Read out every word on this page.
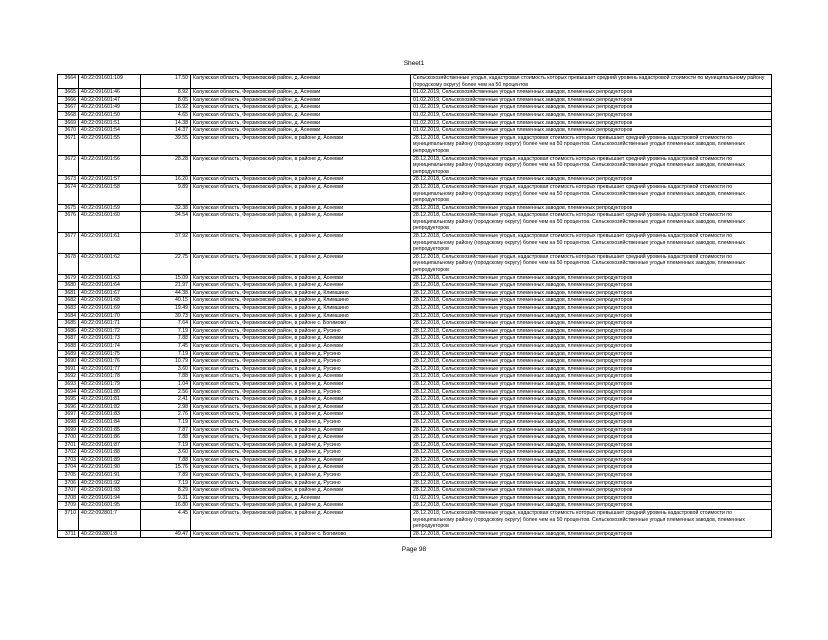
Sheet1
3664	40:22:091601:109	17.50	Калужская область, Ферзиковский район, д. Асеевки	Сельскохозяйственные угодья, кадастровая стоимость которых превышает средний уровень кадастровой стоимости по муниципальному району (городскому округу) более чем на 50 процентов
3665	40:22:091601:46	8.92	Калужская область, Ферзиковский район, д. Асеевки	01.02.2019, Сельскохозяйственные угодья племенных заводов, племенных репродукторов
3666	40:22:091601:47	8.05	Калужская область, Ферзиковский район, д. Асеевки	01.02.2019, Сельскохозяйственные угодья племенных заводов, племенных репродукторов
3667	40:22:091601:49	16.92	Калужская область, Ферзиковский район, д. Асеевки	01.02.2019, Сельскохозяйственные угодья племенных заводов, племенных репродукторов
3668	40:22:091601:50	4.65	Калужская область, Ферзиковский район, д. Асеевки	01.02.2019, Сельскохозяйственные угодья племенных заводов, племенных репродукторов
3669	40:22:091601:51	14.38	Калужская область, Ферзиковский район, д. Асеевки	01.02.2019, Сельскохозяйственные угодья племенных заводов, племенных репродукторов
3670	40:22:091601:54	14.37	Калужская область, Ферзиковский район, д. Асеевки	01.02.2019, Сельскохозяйственные угодья племенных заводов, племенных репродукторов
3671	40:22:091601:55	39.55	Калужская область, Ферзиковский район, в районе д. Асеевки	28.12.2018, Сельскохозяйственные угодья, кадастровая стоимость которых превышает средний уровень кадастровой стоимости по муниципальному району (городскому округу) более чем на 50 процентов. Сельскохозяйственные угодья племенных заводов, племенных репродукторов
3672	40:22:091601:56	28.28	Калужская область, Ферзиковский район, в районе д. Асеевки	28.12.2018, Сельскохозяйственные угодья, кадастровая стоимость которых превышает средний уровень кадастровой стоимости по муниципальному району (городскому округу) более чем на 50 процентов. Сельскохозяйственные угодья племенных заводов, племенных репродукторов
3673	40:22:091601:57	16.20	Калужская область, Ферзиковский район, в районе д. Асеевки	28.12.2018, Сельскохозяйственные угодья племенных заводов, племенных репродукторов
3674	40:22:091601:58	9.89	Калужская область, Ферзиковский район, в районе д. Асеевки	28.12.2018, Сельскохозяйственные угодья, кадастровая стоимость которых превышает средний уровень кадастровой стоимости по муниципальному району (городскому округу) более чем на 50 процентов. Сельскохозяйственные угодья племенных заводов, племенных репродукторов
3675	40:22:091601:59	32.38	Калужская область, Ферзиковский район, в районе д. Асеевки	28.12.2018, Сельскохозяйственные угодья племенных заводов, племенных репродукторов
3676	40:22:091601:60	34.54	Калужская область, Ферзиковский район, в районе д. Асеевки	28.12.2018, Сельскохозяйственные угодья, кадастровая стоимость которых превышает средний уровень кадастровой стоимости по муниципальному району (городскому округу) более чем на 50 процентов. Сельскохозяйственные угодья племенных заводов, племенных репродукторов
3677	40:22:091601:61	37.92	Калужская область, Ферзиковский район, в районе д. Асеевки	28.12.2018, Сельскохозяйственные угодья, кадастровая стоимость которых превышает средний уровень кадастровой стоимости по муниципальному району (городскому округу) более чем на 50 процентов. Сельскохозяйственные угодья племенных заводов, племенных репродукторов
3678	40:22:091601:62	22.75	Калужская область, Ферзиковский район, в районе д. Асеевки	28.12.2018, Сельскохозяйственные угодья, кадастровая стоимость которых превышает средний уровень кадастровой стоимости по муниципальному району (городскому округу) более чем на 50 процентов. Сельскохозяйственные угодья племенных заводов, племенных репродукторов
3679	40:22:091601:63	15.09	Калужская область, Ферзиковский район, в районе д. Асеевки	28.12.2018, Сельскохозяйственные угодья племенных заводов, племенных репродукторов
3680	40:22:091601:64	21.97	Калужская область, Ферзиковский район, в районе д. Асеевки	28.12.2018, Сельскохозяйственные угодья племенных заводов, племенных репродукторов
3681	40:22:091601:67	44.38	Калужская область, Ферзиковский район, в районе д. Климшино	28.12.2018, Сельскохозяйственные угодья племенных заводов, племенных репродукторов
3682	40:22:091601:68	40.15	Калужская область, Ферзиковский район, в районе д. Климшино	28.12.2018, Сельскохозяйственные угодья племенных заводов, племенных репродукторов
3683	40:22:091601:69	19.49	Калужская область, Ферзиковский район, в районе д. Климшино	28.12.2018, Сельскохозяйственные угодья племенных заводов, племенных репродукторов
3684	40:22:091601:70	39.73	Калужская область, Ферзиковский район, в районе д. Климшино	28.12.2018, Сельскохозяйственные угодья племенных заводов, племенных репродукторов
3685	40:22:091601:71	7.64	Калужская область, Ферзиковский район, в районе с. Богимово	28.12.2018, Сельскохозяйственные угодья племенных заводов, племенных репродукторов
3686	40:22:091601:72	7.19	Калужская область, Ферзиковский район, в районе д. Русино	28.12.2018, Сельскохозяйственные угодья племенных заводов, племенных репродукторов
3687	40:22:091601:73	7.88	Калужская область, Ферзиковский район, в районе д. Асеевки	28.12.2018, Сельскохозяйственные угодья племенных заводов, племенных репродукторов
3688	40:22:091601:74	7.45	Калужская область, Ферзиковский район, в районе д. Асеевки	28.12.2018, Сельскохозяйственные угодья племенных заводов, племенных репродукторов
3689	40:22:091601:75	7.19	Калужская область, Ферзиковский район, в районе д. Русино	28.12.2018, Сельскохозяйственные угодья племенных заводов, племенных репродукторов
3690	40:22:091601:76	10.79	Калужская область, Ферзиковский район, в районе д. Русино	28.12.2018, Сельскохозяйственные угодья племенных заводов, племенных репродукторов
3691	40:22:091601:77	3.60	Калужская область, Ферзиковский район, в районе д. Русино	28.12.2018, Сельскохозяйственные угодья племенных заводов, племенных репродукторов
3692	40:22:091601:78	7.88	Калужская область, Ферзиковский район, в районе д. Асеевки	28.12.2018, Сельскохозяйственные угодья племенных заводов, племенных репродукторов
3693	40:22:091601:79	1.04	Калужская область, Ферзиковский район, в районе д. Асеевки	28.12.2018, Сельскохозяйственные угодья племенных заводов, племенных репродукторов
3694	40:22:091601:80	2.56	Калужская область, Ферзиковский район, в районе д. Русино	28.12.2018, Сельскохозяйственные угодья племенных заводов, племенных репродукторов
3695	40:22:091601:81	2.41	Калужская область, Ферзиковский район, в районе д. Асеевки	28.12.2018, Сельскохозяйственные угодья племенных заводов, племенных репродукторов
3696	40:22:091601:82	2.98	Калужская область, Ферзиковский район, в районе д. Асеевки	28.12.2018, Сельскохозяйственные угодья племенных заводов, племенных репродукторов
3697	40:22:091601:83	2.76	Калужская область, Ферзиковский район, в районе д. Асеевки	28.12.2018, Сельскохозяйственные угодья племенных заводов, племенных репродукторов
3698	40:22:091601:84	7.19	Калужская область, Ферзиковский район, в районе д. Русино	28.12.2018, Сельскохозяйственные угодья племенных заводов, племенных репродукторов
3699	40:22:091601:85	7.87	Калужская область, Ферзиковский район, в районе д. Асеевки	28.12.2018, Сельскохозяйственные угодья племенных заводов, племенных репродукторов
3700	40:22:091601:86	7.88	Калужская область, Ферзиковский район, в районе д. Асеевки	28.12.2018, Сельскохозяйственные угодья племенных заводов, племенных репродукторов
3701	40:22:091601:87	7.19	Калужская область, Ферзиковский район, в районе д. Русино	28.12.2018, Сельскохозяйственные угодья племенных заводов, племенных репродукторов
3702	40:22:091601:88	3.60	Калужская область, Ферзиковский район, в районе д. Русино	28.12.2018, Сельскохозяйственные угодья племенных заводов, племенных репродукторов
3703	40:22:091601:89	7.88	Калужская область, Ферзиковский район, в районе д. Асеевки	28.12.2018, Сельскохозяйственные угодья племенных заводов, племенных репродукторов
3704	40:22:091601:90	15.76	Калужская область, Ферзиковский район, в районе д. Асеевки	28.12.2018, Сельскохозяйственные угодья племенных заводов, племенных репродукторов
3705	40:22:091601:91	7.89	Калужская область, Ферзиковский район, в районе д. Русино	28.12.2018, Сельскохозяйственные угодья племенных заводов, племенных репродукторов
3706	40:22:091601:92	7.19	Калужская область, Ферзиковский район, в районе д. Русино	28.12.2018, Сельскохозяйственные угодья племенных заводов, племенных репродукторов
3707	40:22:091601:93	8.29	Калужская область, Ферзиковский район, в районе д. Асеевки	28.12.2018, Сельскохозяйственные угодья племенных заводов, племенных репродукторов
3708	40:22:091601:94	9.31	Калужская область, Ферзиковский район, д. Асеевки	01.02.2019, Сельскохозяйственные угодья племенных заводов, племенных репродукторов
3709	40:22:091601:95	16.80	Калужская область, Ферзиковский район, в районе д. Асеевки	28.12.2018, Сельскохозяйственные угодья племенных заводов, племенных репродукторов
3710	40:22:092801:7	4.45	Калужская область, Ферзиковский район, в районе д. Асеевки	28.12.2018, Сельскохозяйственные угодья, кадастровая стоимость которых превышает средний уровень кадастровой стоимости по муниципальному району (городскому округу) более чем на 50 процентов. Сельскохозяйственные угодья племенных заводов, племенных репродукторов
3711	40:22:092801:8	49.47	Калужская область, Ферзиковский район, в районе с. Богимово	28.12.2018, Сельскохозяйственные угодья племенных заводов, племенных репродукторов
Page 98
